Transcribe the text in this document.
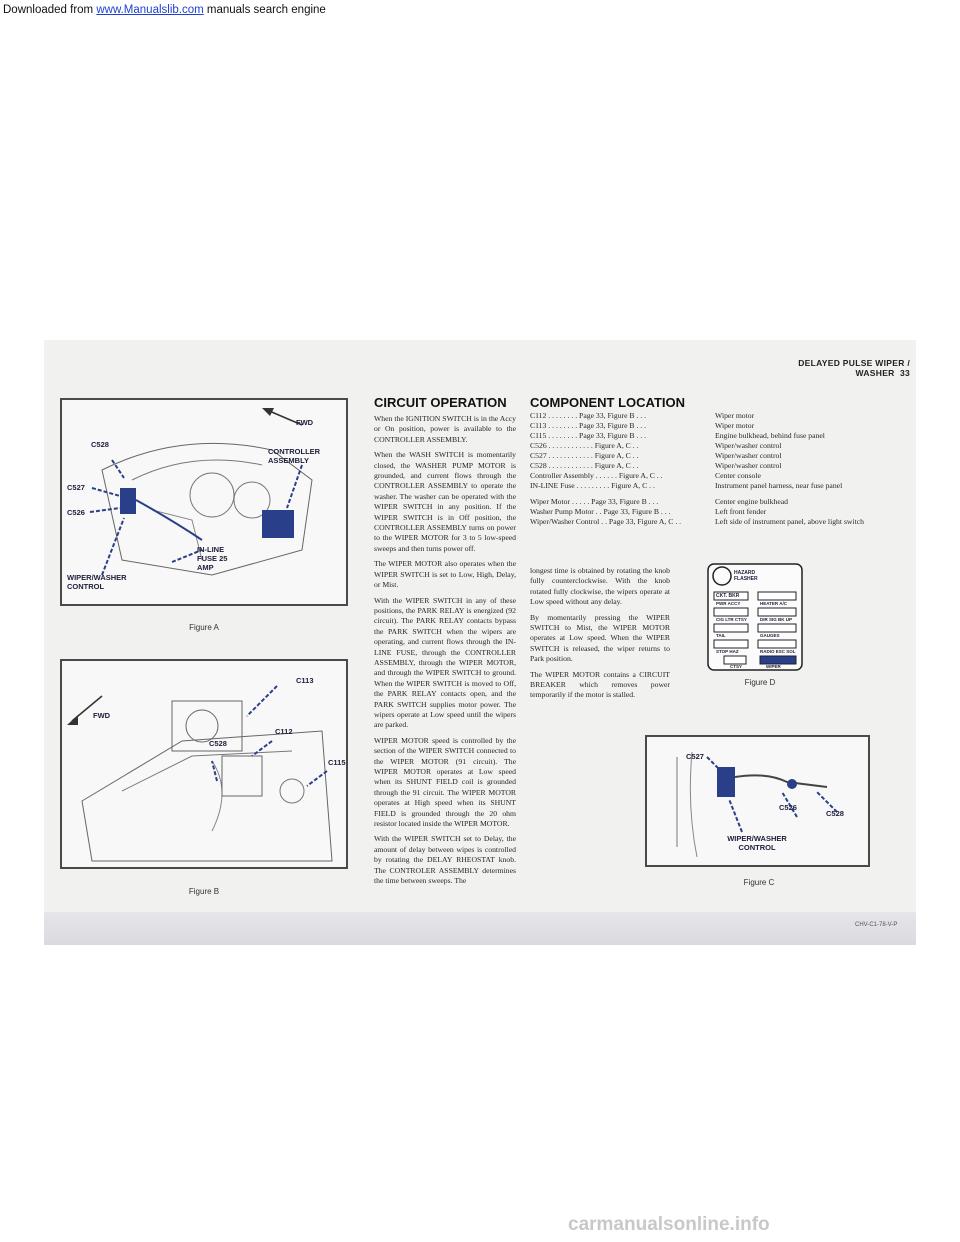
Downloaded from www.Manualslib.com manuals search engine
DELAYED PULSE WIPER / WASHER 33
FWD
C528
C527
C526
CONTROLLER ASSEMBLY
IN-LINE FUSE 25 AMP
WIPER/WASHER CONTROL
Figure A
FWD
C113
C112
C528
C115
Figure B
CIRCUIT OPERATION

When the IGNITION SWITCH is in the Accy or On position, power is available to the CONTROLLER ASSEMBLY.

When the WASH SWITCH is momentarily closed, the WASHER PUMP MOTOR is grounded, and current flows through the CONTROLLER ASSEMBLY to operate the washer. The washer can be operated with the WIPER SWITCH in any position. If the WIPER SWITCH is in Off position, the CONTROLLER ASSEMBLY turns on power to the WIPER MOTOR for 3 to 5 low-speed sweeps and then turns power off.

The WIPER MOTOR also operates when the WIPER SWITCH is set to Low, High, Delay, or Mist.

With the WIPER SWITCH in any of these positions, the PARK RELAY is energized (92 circuit). The PARK RELAY contacts bypass the PARK SWITCH when the wipers are operating, and current flows through the IN-LINE FUSE, through the CONTROLLER ASSEMBLY, through the WIPER MOTOR, and through the WIPER SWITCH to ground. When the WIPER SWITCH is moved to Off, the PARK RELAY contacts open, and the PARK SWITCH supplies motor power. The wipers operate at Low speed until the wipers are parked.

WIPER MOTOR speed is controlled by the section of the WIPER SWITCH connected to the WIPER MOTOR (91 circuit). The WIPER MOTOR operates at Low speed when its SHUNT FIELD coil is grounded through the 91 circuit. The WIPER MOTOR operates at High speed when its SHUNT FIELD is grounded through the 20 ohm resistor located inside the WIPER MOTOR.

With the WIPER SWITCH set to Delay, the amount of delay between wipes is controlled by rotating the DELAY RHEOSTAT knob. The CONTROLER ASSEMBLY determines the time between sweeps. The

longest time is obtained by rotating the knob fully counterclockwise. With the knob rotated fully clockwise, the wipers operate at Low speed without any delay.

By momentarily pressing the WIPER SWITCH to Mist, the WIPER MOTOR operates at Low speed. When the WIPER SWITCH is released, the wiper returns to Park position.

The WIPER MOTOR contains a CIRCUIT BREAKER which removes power temporarily if the motor is stalled.

COMPONENT LOCATION
C112 . . . . . . . . Page 33, Figure B . . .	Wiper motor
C113 . . . . . . . . Page 33, Figure B . . .	Wiper motor
C115 . . . . . . . . Page 33, Figure B . . .	Engine bulkhead, behind fuse panel
C526 . . . . . . . . . . . . Figure A, C . .	Wiper/washer control
C527 . . . . . . . . . . . . Figure A, C . .	Wiper/washer control
C528 . . . . . . . . . . . . Figure A, C . .	Wiper/washer control
Controller Assembly . . . . . . Figure A, C . .	Center console
IN-LINE Fuse . . . . . . . . . Figure A, C . .	Instrument panel harness, near fuse panel
Wiper Motor . . . . . Page 33, Figure B . . .	Center engine bulkhead
Washer Pump Motor . . Page 33, Figure B . . .	Left front fender
Wiper/Washer Control . . Page 33, Figure A, C . .	Left side of instrument panel, above light switch
HAZARD FLASHER
CKT. BKR
PWR ACCY	HEATER A/C
CIG LTR CTSY	DIR SIG BK UP
TAIL	GAUGES
STOP HAZ	RADIO ESC SOL
CTSY	WIPER
Figure D
C527
C526
C528
WIPER/WASHER CONTROL
Figure C
CHV-C1-78-V-P
carmanualsonline.info
